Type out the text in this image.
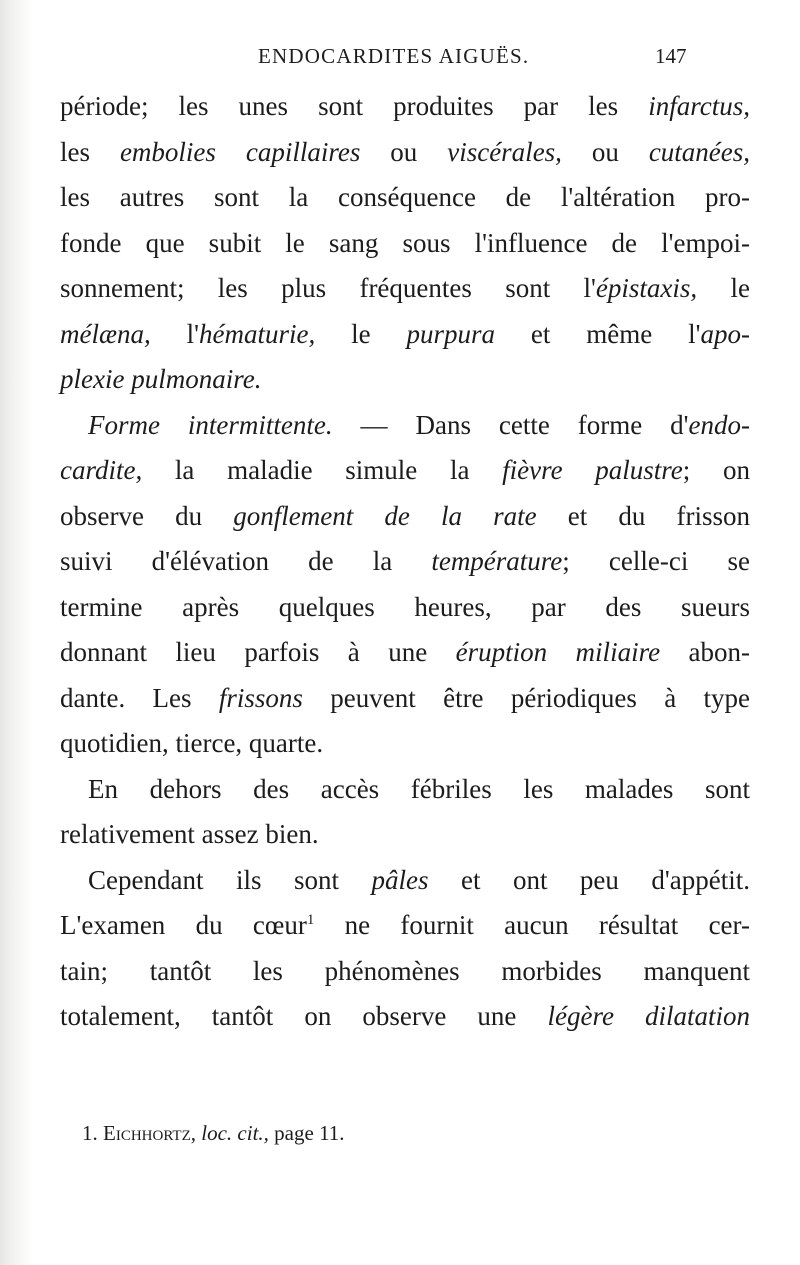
ENDOCARDITES AIGUËS.	147
période; les unes sont produites par les infarctus,
les embolies capillaires ou viscérales, ou cutanées,
les autres sont la conséquence de l'altération pro-
fonde que subit le sang sous l'influence de l'empoi-
sonnement; les plus fréquentes sont l'épistaxis, le
mélæna, l'hématurie, le purpura et même l'apo-
plexie pulmonaire.
Forme intermittente. — Dans cette forme d'endo-
cardite, la maladie simule la fièvre palustre; on
observe du gonflement de la rate et du frisson
suivi d'élévation de la température; celle-ci se
termine après quelques heures, par des sueurs
donnant lieu parfois à une éruption miliaire abon-
dante. Les frissons peuvent être périodiques à type
quotidien, tierce, quarte.
En dehors des accès fébriles les malades sont
relativement assez bien.
Cependant ils sont pâles et ont peu d'appétit.
L'examen du cœur$^1$ ne fournit aucun résultat cer-
tain; tantôt les phénomènes morbides manquent
totalement, tantôt on observe une légère dilatation
1. Eichhortz, loc. cit., page 11.
